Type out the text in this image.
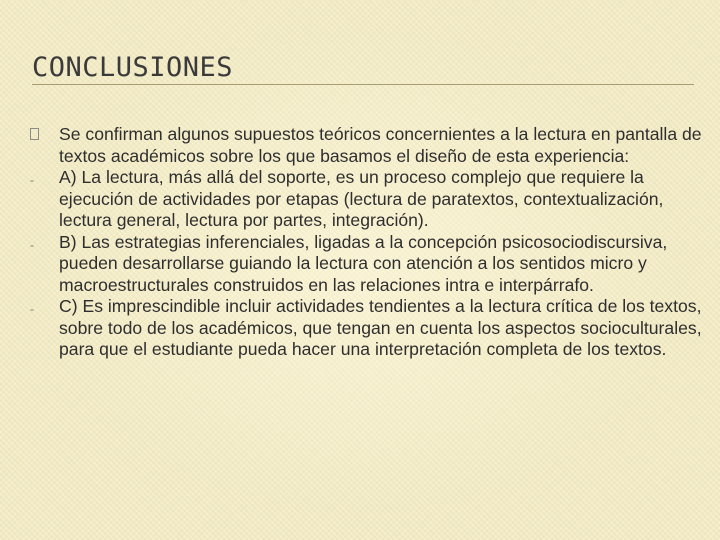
CONCLUSIONES
Se confirman algunos supuestos teóricos concernientes a la lectura en pantalla de textos académicos sobre los que basamos el diseño de esta experiencia:
-	A) La lectura, más allá del soporte, es un proceso complejo que requiere la ejecución de actividades por etapas (lectura de paratextos, contextualización, lectura general, lectura por partes, integración).
-	B) Las estrategias inferenciales, ligadas a la concepción psicosociodiscursiva, pueden desarrollarse guiando la lectura con atención a los sentidos micro y macroestructurales construidos en las relaciones intra e interpárrafo.
-	C) Es imprescindible incluir actividades tendientes a la lectura crítica de los textos, sobre todo de los académicos, que tengan en cuenta los aspectos socioculturales, para que el estudiante pueda hacer una interpretación completa de los textos.
